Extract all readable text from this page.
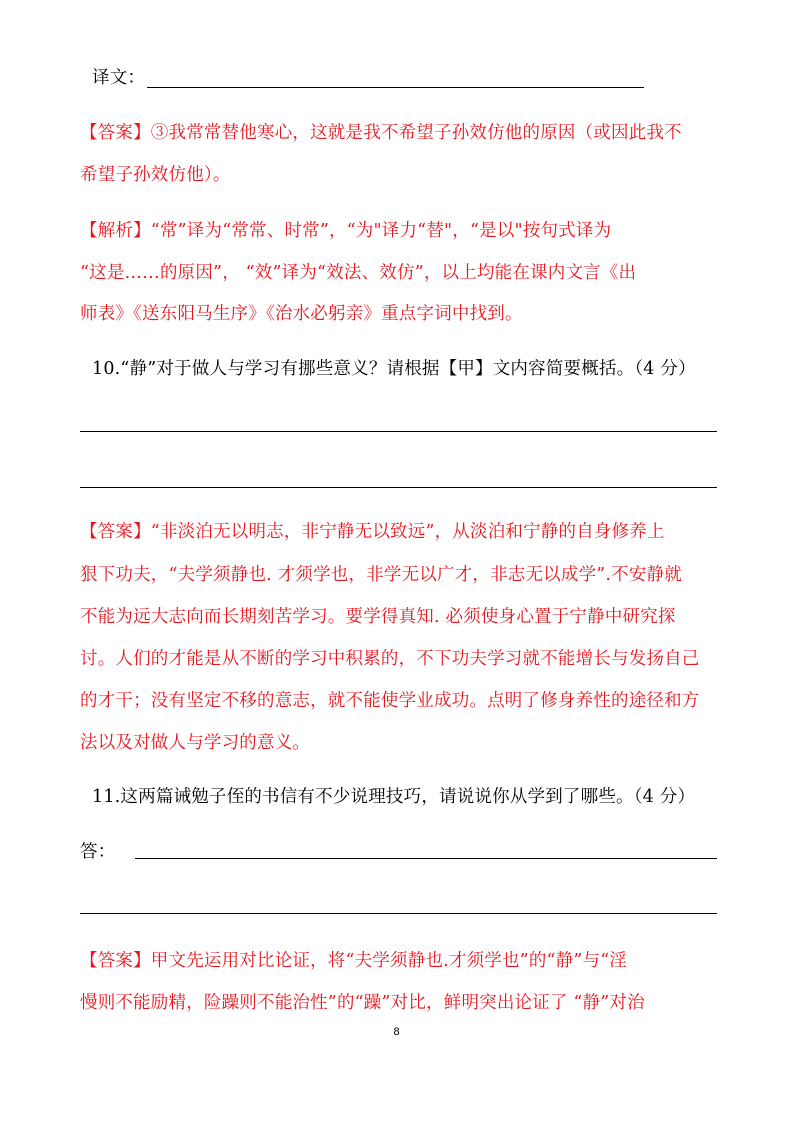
译文：
【答案】③我常常替他寒心，这就是我不希望子孙效仿他的原因（或因此我不
希望子孙效仿他）。
【解析】“常”译为“常常、时常”，“为"译力“替"，“是以"按句式译为
“这是……的原因”， “效”译为“效法、效仿”，以上均能在课内文言《出
师表》《送东阳马生序》《治水必躬亲》重点字词中找到。
10.“静”对于做人与学习有挪些意义？请根据【甲】文内容简要概括。（4 分）
【答案】“非淡泊无以明志，非宁静无以致远”，从淡泊和宁静的自身修养上
狠下功夫，“夫学须静也. 才须学也，非学无以广才，非志无以成学”.不安静就
不能为远大志向而长期刻苦学习。要学得真知. 必须使身心置于宁静中研究探
讨。人们的才能是从不断的学习中积累的，不下功夫学习就不能增长与发扬自己
的才干；没有坚定不移的意志，就不能使学业成功。点明了修身养性的途径和方
法以及对做人与学习的意义。
11.这两篇诫勉子侄的书信有不少说理技巧，请说说你从学到了哪些。（4 分）
答：
【答案】甲文先运用对比论证，将“夫学须静也.才须学也”的“静”与“淫
慢则不能励精，险躁则不能治性”的“躁”对比，鲜明突出论证了 “静”对治
8
